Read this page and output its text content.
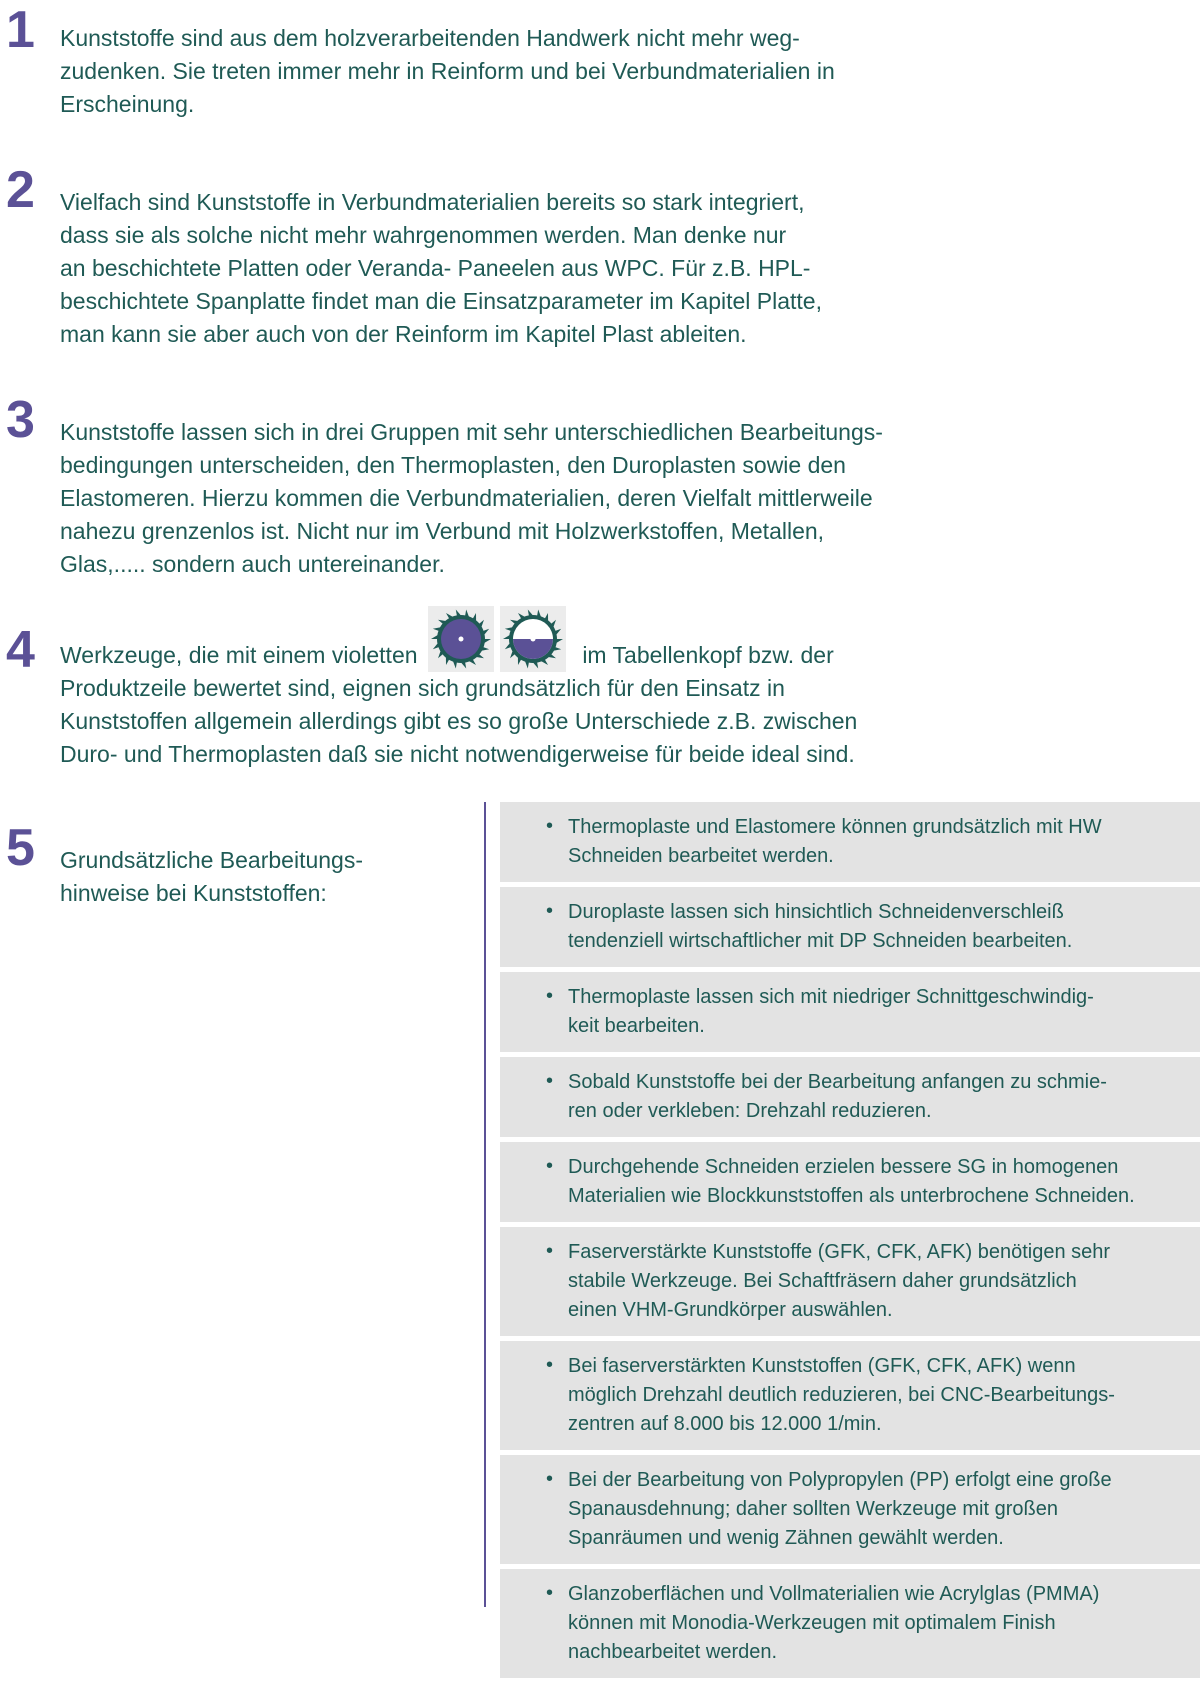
1 Kunststoffe sind aus dem holzverarbeitenden Handwerk nicht mehr weg-
zudenken. Sie treten immer mehr in Reinform und bei Verbundmaterialien in
Erscheinung.
2 Vielfach sind Kunststoffe in Verbundmaterialien bereits so stark integriert,
dass sie als solche nicht mehr wahrgenommen werden. Man denke nur
an beschichtete Platten oder Veranda- Paneelen aus WPC. Für z.B. HPL-
beschichtete Spanplatte findet man die Einsatzparameter im Kapitel Platte,
man kann sie aber auch von der Reinform im Kapitel Plast ableiten.
3 Kunststoffe lassen sich in drei Gruppen mit sehr unterschiedlichen Bearbeitungs-
bedingungen unterscheiden, den Thermoplasten, den Duroplasten sowie den
Elastomeren. Hierzu kommen die Verbundmaterialien, deren Vielfalt mittlerweile
nahezu grenzenlos ist. Nicht nur im Verbund mit Holzwerkstoffen, Metallen,
Glas,..... sondern auch untereinander.
4 Werkzeuge, die mit einem violetten	im Tabellenkopf bzw. der
Produktzeile bewertet sind, eignen sich grundsätzlich für den Einsatz in
Kunststoffen allgemein allerdings gibt es so große Unterschiede z.B. zwischen
Duro- und Thermoplasten daß sie nicht notwendigerweise für beide ideal sind.
5 Grundsätzliche Bearbeitungs-
hinweise bei Kunststoffen:
• Thermoplaste und Elastomere können grundsätzlich mit HW
Schneiden bearbeitet werden.
• Duroplaste lassen sich hinsichtlich Schneidenverschleiß
tendenziell wirtschaftlicher mit DP Schneiden bearbeiten.
• Thermoplaste lassen sich mit niedriger Schnittgeschwindig-
keit bearbeiten.
• Sobald Kunststoffe bei der Bearbeitung anfangen zu schmie-
ren oder verkleben: Drehzahl reduzieren.
• Durchgehende Schneiden erzielen bessere SG in homogenen
Materialien wie Blockkunststoffen als unterbrochene Schneiden.
• Faserverstärkte Kunststoffe (GFK, CFK, AFK) benötigen sehr
stabile Werkzeuge. Bei Schaftfräsern daher grundsätzlich
einen VHM-Grundkörper auswählen.
• Bei faserverstärkten Kunststoffen (GFK, CFK, AFK) wenn
möglich Drehzahl deutlich reduzieren, bei CNC-Bearbeitungs-
zentren auf 8.000 bis 12.000 1/min.
• Bei der Bearbeitung von Polypropylen (PP) erfolgt eine große
Spanausdehnung; daher sollten Werkzeuge mit großen
Spanräumen und wenig Zähnen gewählt werden.
• Glanzoberflächen und Vollmaterialien wie Acrylglas (PMMA)
können mit Monodia-Werkzeugen mit optimalem Finish
nachbearbeitet werden.
